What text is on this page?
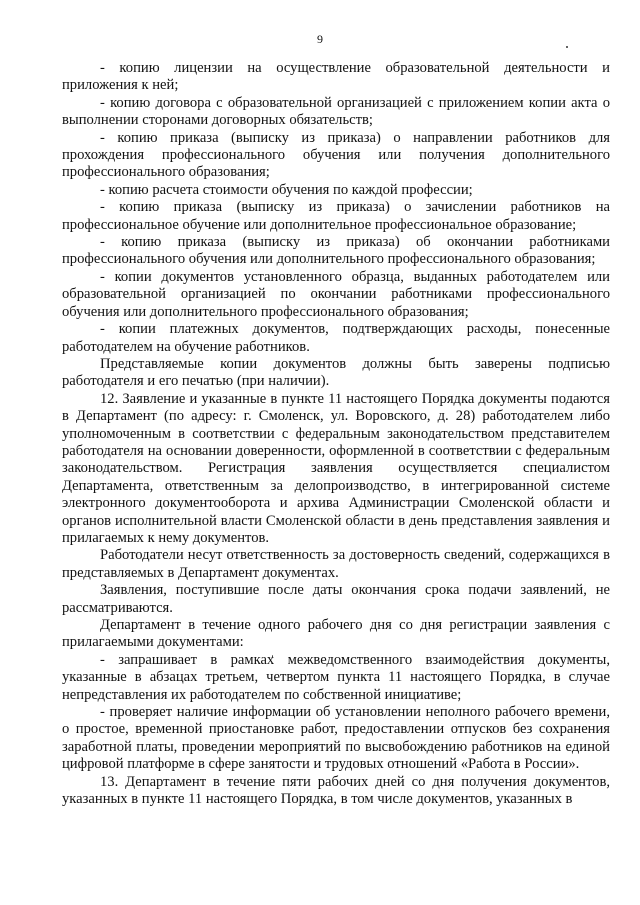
9

- копию лицензии на осуществление образовательной деятельности и приложения к ней;

- копию договора с образовательной организацией с приложением копии акта о выполнении сторонами договорных обязательств;

- копию приказа (выписку из приказа) о направлении работников для прохождения профессионального обучения или получения дополнительного профессионального образования;

- копию расчета стоимости обучения по каждой профессии;

- копию приказа (выписку из приказа) о зачислении работников на профессиональное обучение или дополнительное профессиональное образование;

- копию приказа (выписку из приказа) об окончании работниками профессионального обучения или дополнительного профессионального образования;

- копии документов установленного образца, выданных работодателем или образовательной организацией по окончании работниками профессионального обучения или дополнительного профессионального образования;

- копии платежных документов, подтверждающих расходы, понесенные работодателем на обучение работников.

Представляемые копии документов должны быть заверены подписью работодателя и его печатью (при наличии).

12. Заявление и указанные в пункте 11 настоящего Порядка документы подаются в Департамент (по адресу: г. Смоленск, ул. Воровского, д. 28) работодателем либо уполномоченным в соответствии с федеральным законодательством представителем работодателя на основании доверенности, оформленной в соответствии с федеральным законодательством. Регистрация заявления осуществляется специалистом Департамента, ответственным за делопроизводство, в интегрированной системе электронного документооборота и архива Администрации Смоленской области и органов исполнительной власти Смоленской области в день представления заявления и прилагаемых к нему документов.

Работодатели несут ответственность за достоверность сведений, содержащихся в представляемых в Департамент документах.

Заявления, поступившие после даты окончания срока подачи заявлений, не рассматриваются.

Департамент в течение одного рабочего дня со дня регистрации заявления с прилагаемыми документами:

- запрашивает в рамках межведомственного взаимодействия документы, указанные в абзацах третьем, четвертом пункта 11 настоящего Порядка, в случае непредставления их работодателем по собственной инициативе;

- проверяет наличие информации об установлении неполного рабочего времени, о простое, временной приостановке работ, предоставлении отпусков без сохранения заработной платы, проведении мероприятий по высвобождению работников на единой цифровой платформе в сфере занятости и трудовых отношений «Работа в России».

13. Департамент в течение пяти рабочих дней со дня получения документов, указанных в пункте 11 настоящего Порядка, в том числе документов, указанных в
